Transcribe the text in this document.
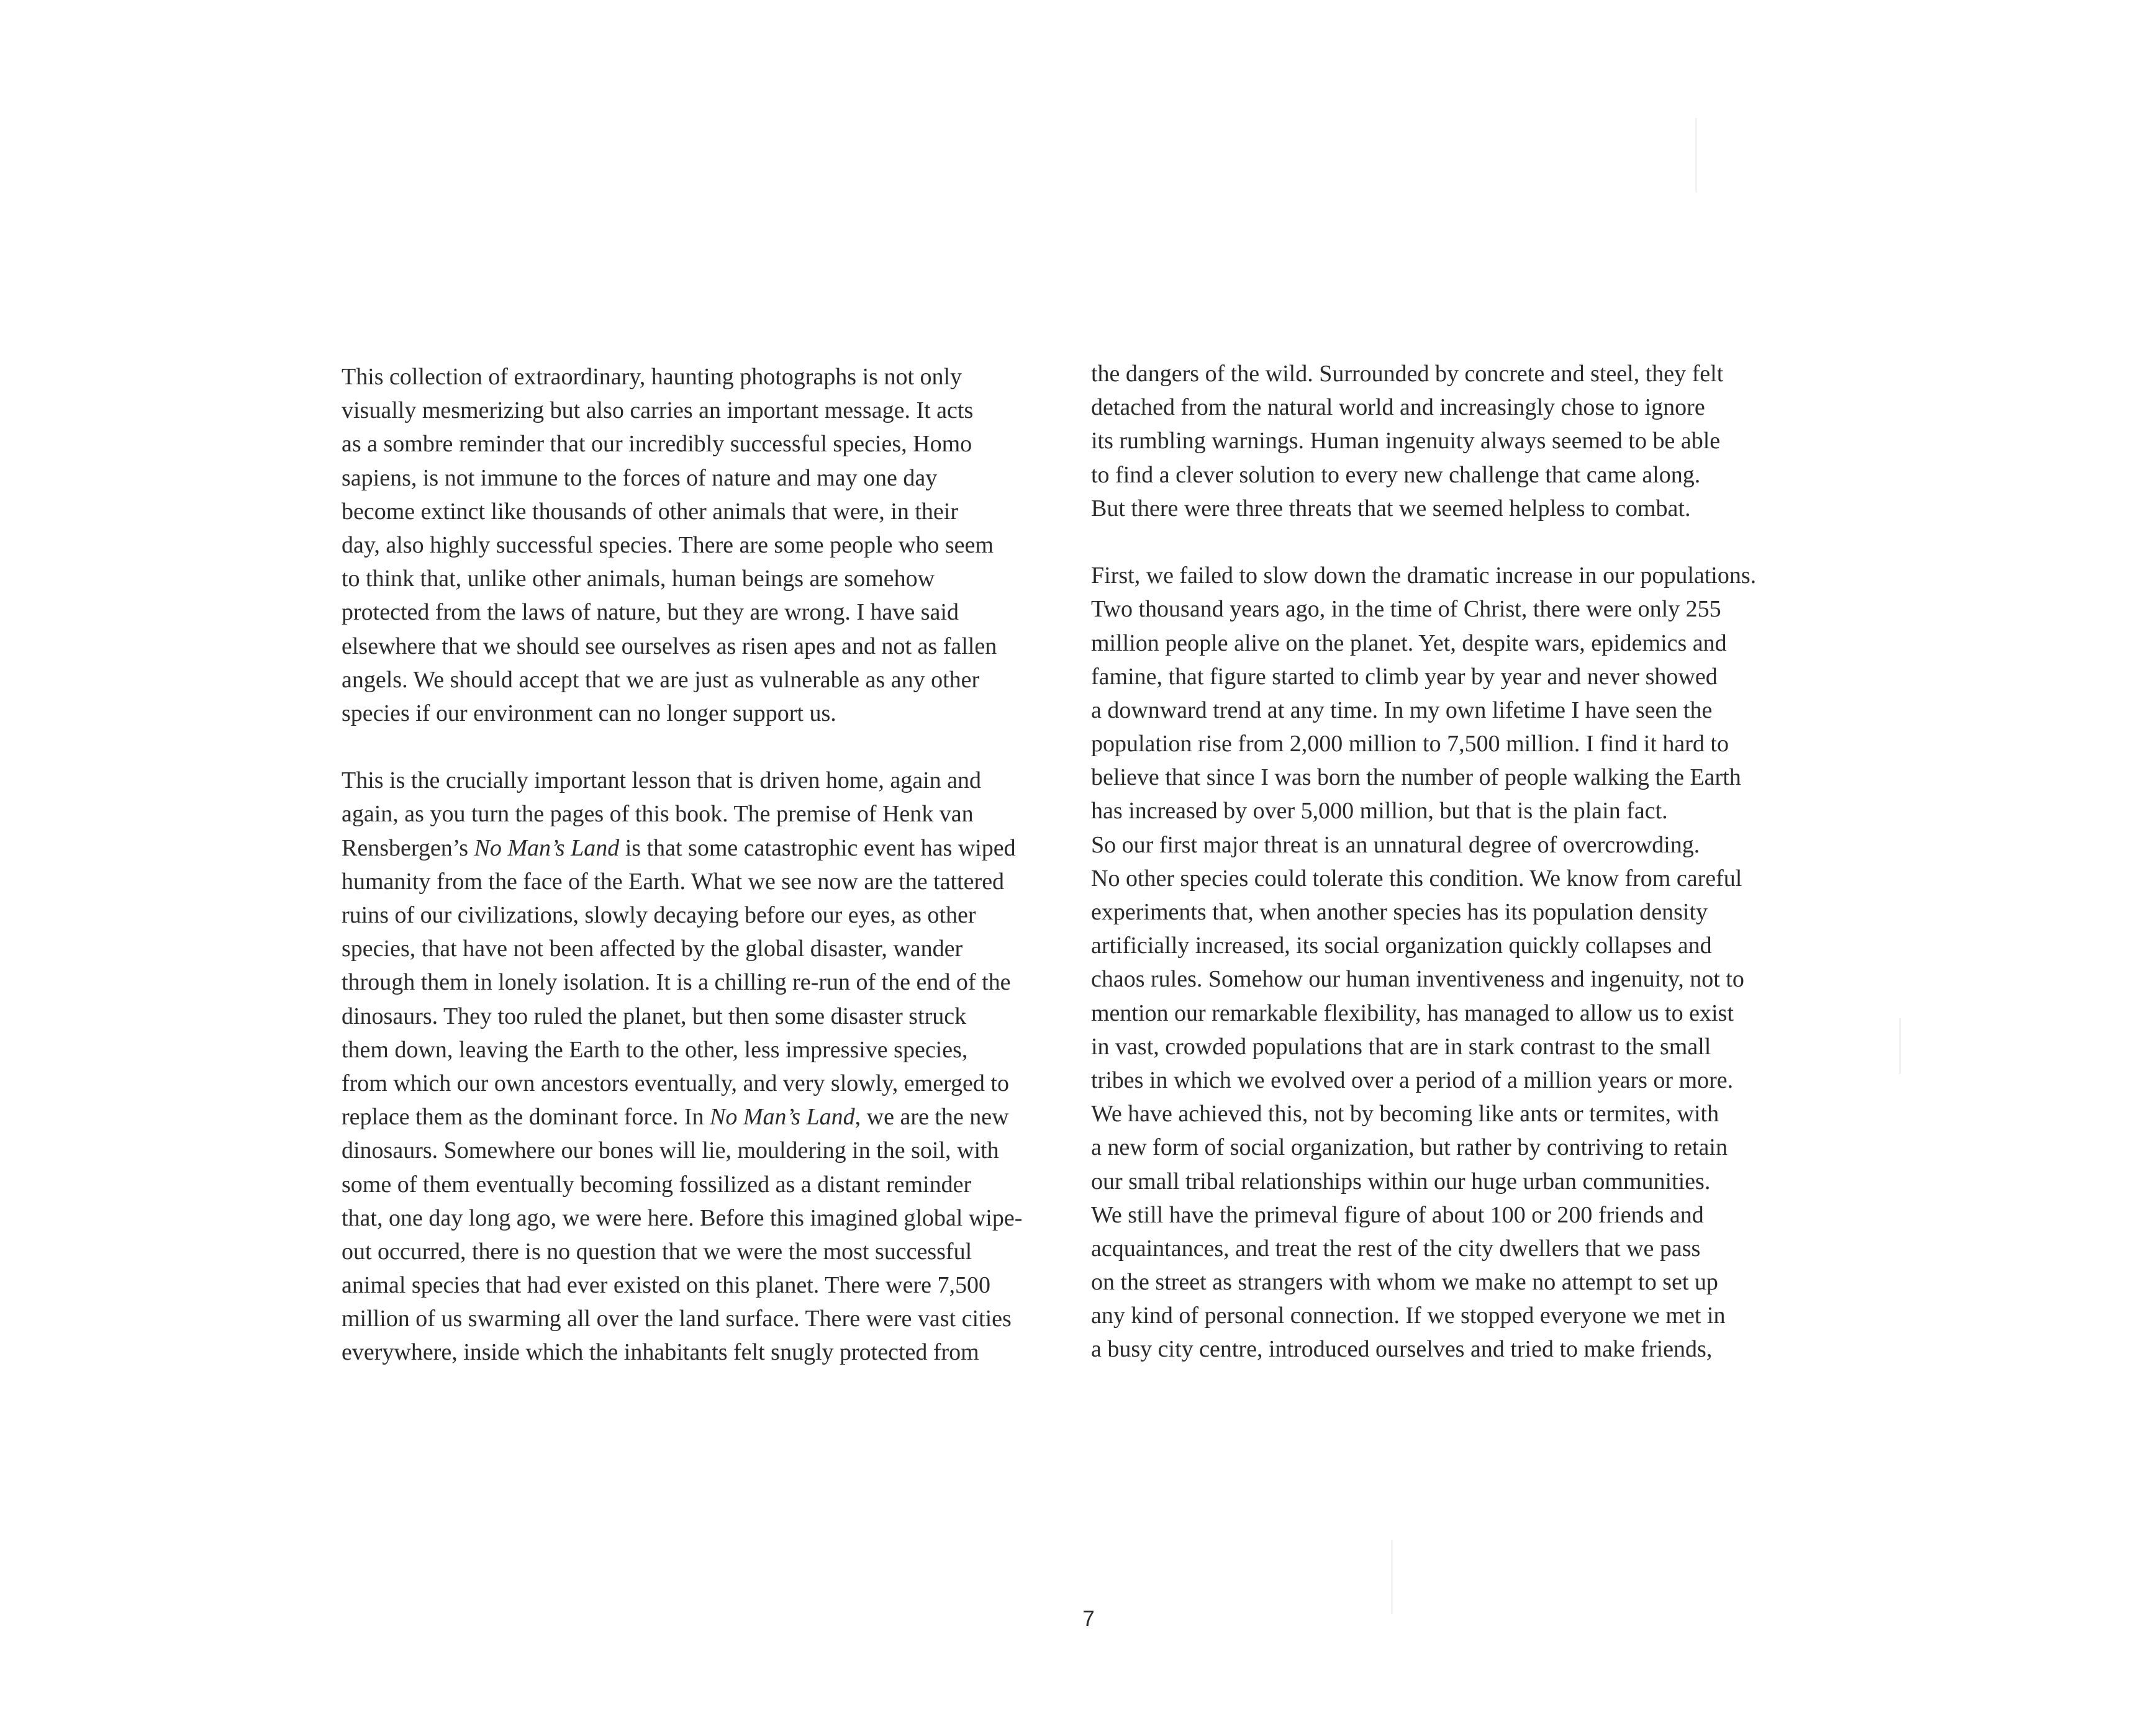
This collection of extraordinary, haunting photographs is not only
visually mesmerizing but also carries an important message. It acts
as a sombre reminder that our incredibly successful species, Homo
sapiens, is not immune to the forces of nature and may one day
become extinct like thousands of other animals that were, in their
day, also highly successful species. There are some people who seem
to think that, unlike other animals, human beings are somehow
protected from the laws of nature, but they are wrong. I have said
elsewhere that we should see ourselves as risen apes and not as fallen
angels. We should accept that we are just as vulnerable as any other
species if our environment can no longer support us.
This is the crucially important lesson that is driven home, again and
again, as you turn the pages of this book. The premise of Henk van
Rensbergen’s No Man’s Land is that some catastrophic event has wiped
humanity from the face of the Earth. What we see now are the tattered
ruins of our civilizations, slowly decaying before our eyes, as other
species, that have not been affected by the global disaster, wander
through them in lonely isolation. It is a chilling re-run of the end of the
dinosaurs. They too ruled the planet, but then some disaster struck
them down, leaving the Earth to the other, less impressive species,
from which our own ancestors eventually, and very slowly, emerged to
replace them as the dominant force. In No Man’s Land, we are the new
dinosaurs. Somewhere our bones will lie, mouldering in the soil, with
some of them eventually becoming fossilized as a distant reminder
that, one day long ago, we were here. Before this imagined global wipe-
out occurred, there is no question that we were the most successful
animal species that had ever existed on this planet. There were 7,500
million of us swarming all over the land surface. There were vast cities
everywhere, inside which the inhabitants felt snugly protected from
the dangers of the wild. Surrounded by concrete and steel, they felt
detached from the natural world and increasingly chose to ignore
its rumbling warnings. Human ingenuity always seemed to be able
to find a clever solution to every new challenge that came along.
But there were three threats that we seemed helpless to combat.
First, we failed to slow down the dramatic increase in our populations.
Two thousand years ago, in the time of Christ, there were only 255
million people alive on the planet. Yet, despite wars, epidemics and
famine, that figure started to climb year by year and never showed
a downward trend at any time. In my own lifetime I have seen the
population rise from 2,000 million to 7,500 million. I find it hard to
believe that since I was born the number of people walking the Earth
has increased by over 5,000 million, but that is the plain fact.
So our first major threat is an unnatural degree of overcrowding.
No other species could tolerate this condition. We know from careful
experiments that, when another species has its population density
artificially increased, its social organization quickly collapses and
chaos rules. Somehow our human inventiveness and ingenuity, not to
mention our remarkable flexibility, has managed to allow us to exist
in vast, crowded populations that are in stark contrast to the small
tribes in which we evolved over a period of a million years or more.
We have achieved this, not by becoming like ants or termites, with
a new form of social organization, but rather by contriving to retain
our small tribal relationships within our huge urban communities.
We still have the primeval figure of about 100 or 200 friends and
acquaintances, and treat the rest of the city dwellers that we pass
on the street as strangers with whom we make no attempt to set up
any kind of personal connection. If we stopped everyone we met in
a busy city centre, introduced ourselves and tried to make friends,
7
